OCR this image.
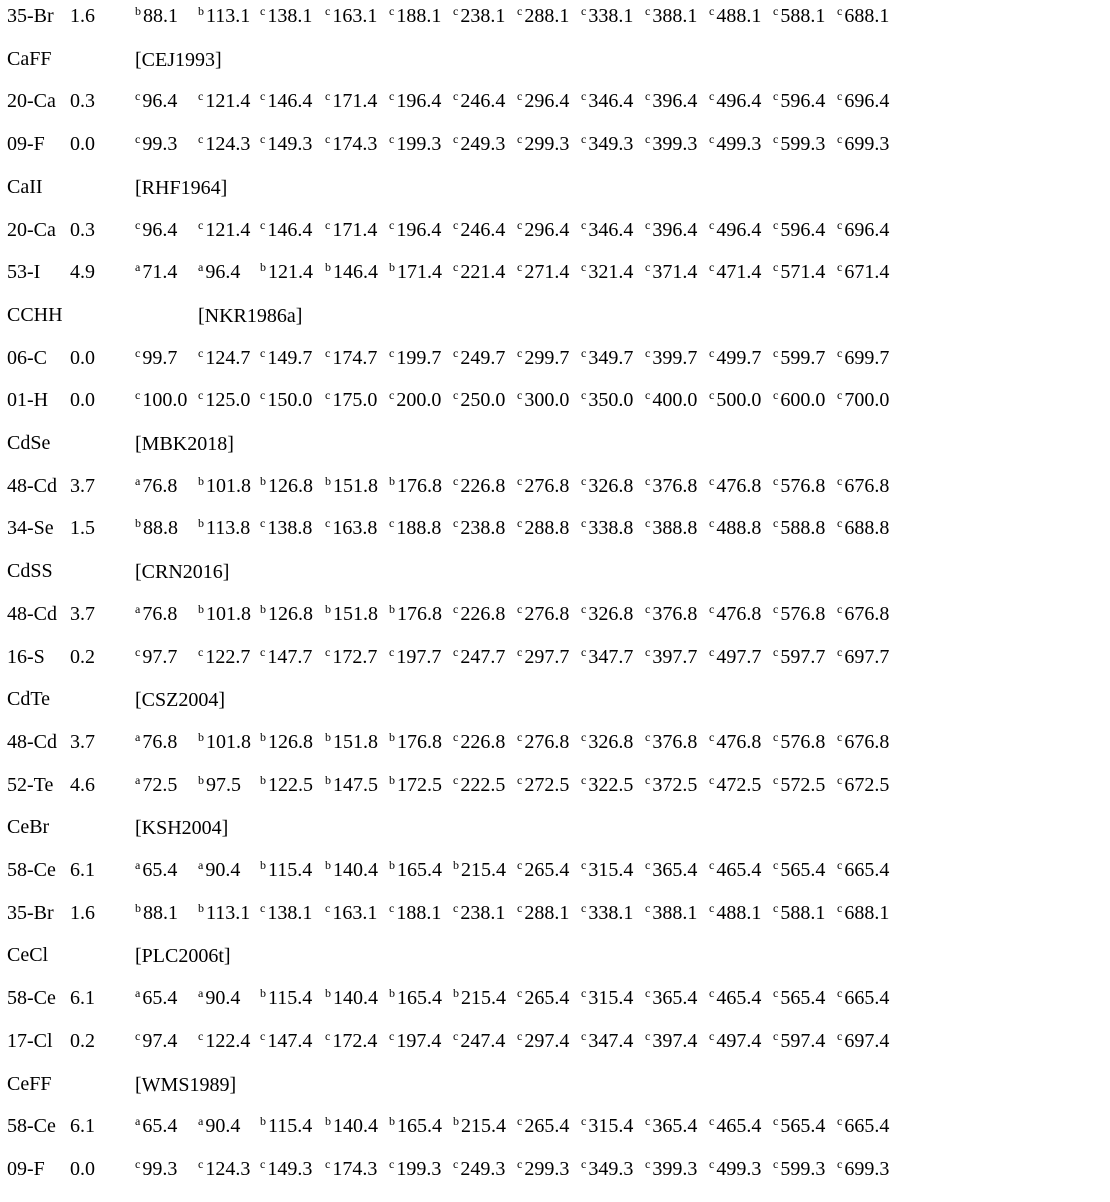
35-Br 1.6	$^b$ 88.1 $^b$ 113.1 $^c$ 138.1 $^c$ 163.1 $^c$ 188.1 $^c$ 238.1 $^c$ 288.1 $^c$ 338.1 $^c$ 388.1 $^c$ 488.1 $^c$ 588.1 $^c$ 688.1
CaFF	[CEJ1993]
20-Ca 0.3	$^c$ 96.4 $^c$ 121.4 $^c$ 146.4 $^c$ 171.4 $^c$ 196.4 $^c$ 246.4 $^c$ 296.4 $^c$ 346.4 $^c$ 396.4 $^c$ 496.4 $^c$ 596.4 $^c$ 696.4
09-F 0.0	$^c$ 99.3 $^c$ 124.3 $^c$ 149.3 $^c$ 174.3 $^c$ 199.3 $^c$ 249.3 $^c$ 299.3 $^c$ 349.3 $^c$ 399.3 $^c$ 499.3 $^c$ 599.3 $^c$ 699.3
CaII	[RHF1964]
20-Ca 0.3	$^c$ 96.4 $^c$ 121.4 $^c$ 146.4 $^c$ 171.4 $^c$ 196.4 $^c$ 246.4 $^c$ 296.4 $^c$ 346.4 $^c$ 396.4 $^c$ 496.4 $^c$ 596.4 $^c$ 696.4
53-I 4.9	$^a$ 71.4 $^a$ 96.4 $^b$ 121.4 $^b$ 146.4 $^b$ 171.4 $^c$ 221.4 $^c$ 271.4 $^c$ 321.4 $^c$ 371.4 $^c$ 471.4 $^c$ 571.4 $^c$ 671.4
CCHH	[NKR1986a]
06-C 0.0	$^c$ 99.7 $^c$ 124.7 $^c$ 149.7 $^c$ 174.7 $^c$ 199.7 $^c$ 249.7 $^c$ 299.7 $^c$ 349.7 $^c$ 399.7 $^c$ 499.7 $^c$ 599.7 $^c$ 699.7
01-H 0.0	$^c$ 100.0 $^c$ 125.0 $^c$ 150.0 $^c$ 175.0 $^c$ 200.0 $^c$ 250.0 $^c$ 300.0 $^c$ 350.0 $^c$ 400.0 $^c$ 500.0 $^c$ 600.0 $^c$ 700.0
CdSe	[MBK2018]
48-Cd 3.7	$^a$ 76.8 $^b$ 101.8 $^b$ 126.8 $^b$ 151.8 $^b$ 176.8 $^c$ 226.8 $^c$ 276.8 $^c$ 326.8 $^c$ 376.8 $^c$ 476.8 $^c$ 576.8 $^c$ 676.8
34-Se 1.5	$^b$ 88.8 $^b$ 113.8 $^c$ 138.8 $^c$ 163.8 $^c$ 188.8 $^c$ 238.8 $^c$ 288.8 $^c$ 338.8 $^c$ 388.8 $^c$ 488.8 $^c$ 588.8 $^c$ 688.8
CdSS	[CRN2016]
48-Cd 3.7	$^a$ 76.8 $^b$ 101.8 $^b$ 126.8 $^b$ 151.8 $^b$ 176.8 $^c$ 226.8 $^c$ 276.8 $^c$ 326.8 $^c$ 376.8 $^c$ 476.8 $^c$ 576.8 $^c$ 676.8
16-S 0.2	$^c$ 97.7 $^c$ 122.7 $^c$ 147.7 $^c$ 172.7 $^c$ 197.7 $^c$ 247.7 $^c$ 297.7 $^c$ 347.7 $^c$ 397.7 $^c$ 497.7 $^c$ 597.7 $^c$ 697.7
CdTe	[CSZ2004]
48-Cd 3.7	$^a$ 76.8 $^b$ 101.8 $^b$ 126.8 $^b$ 151.8 $^b$ 176.8 $^c$ 226.8 $^c$ 276.8 $^c$ 326.8 $^c$ 376.8 $^c$ 476.8 $^c$ 576.8 $^c$ 676.8
52-Te 4.6	$^a$ 72.5 $^b$ 97.5 $^b$ 122.5 $^b$ 147.5 $^b$ 172.5 $^c$ 222.5 $^c$ 272.5 $^c$ 322.5 $^c$ 372.5 $^c$ 472.5 $^c$ 572.5 $^c$ 672.5
CeBr	[KSH2004]
58-Ce 6.1	$^a$ 65.4 $^a$ 90.4 $^b$ 115.4 $^b$ 140.4 $^b$ 165.4 $^b$ 215.4 $^c$ 265.4 $^c$ 315.4 $^c$ 365.4 $^c$ 465.4 $^c$ 565.4 $^c$ 665.4
35-Br 1.6	$^b$ 88.1 $^b$ 113.1 $^c$ 138.1 $^c$ 163.1 $^c$ 188.1 $^c$ 238.1 $^c$ 288.1 $^c$ 338.1 $^c$ 388.1 $^c$ 488.1 $^c$ 588.1 $^c$ 688.1
CeCl	[PLC2006t]
58-Ce 6.1	$^a$ 65.4 $^a$ 90.4 $^b$ 115.4 $^b$ 140.4 $^b$ 165.4 $^b$ 215.4 $^c$ 265.4 $^c$ 315.4 $^c$ 365.4 $^c$ 465.4 $^c$ 565.4 $^c$ 665.4
17-Cl 0.2	$^c$ 97.4 $^c$ 122.4 $^c$ 147.4 $^c$ 172.4 $^c$ 197.4 $^c$ 247.4 $^c$ 297.4 $^c$ 347.4 $^c$ 397.4 $^c$ 497.4 $^c$ 597.4 $^c$ 697.4
CeFF	[WMS1989]
58-Ce 6.1	$^a$ 65.4 $^a$ 90.4 $^b$ 115.4 $^b$ 140.4 $^b$ 165.4 $^b$ 215.4 $^c$ 265.4 $^c$ 315.4 $^c$ 365.4 $^c$ 465.4 $^c$ 565.4 $^c$ 665.4
09-F 0.0	$^c$ 99.3 $^c$ 124.3 $^c$ 149.3 $^c$ 174.3 $^c$ 199.3 $^c$ 249.3 $^c$ 299.3 $^c$ 349.3 $^c$ 399.3 $^c$ 499.3 $^c$ 599.3 $^c$ 699.3
